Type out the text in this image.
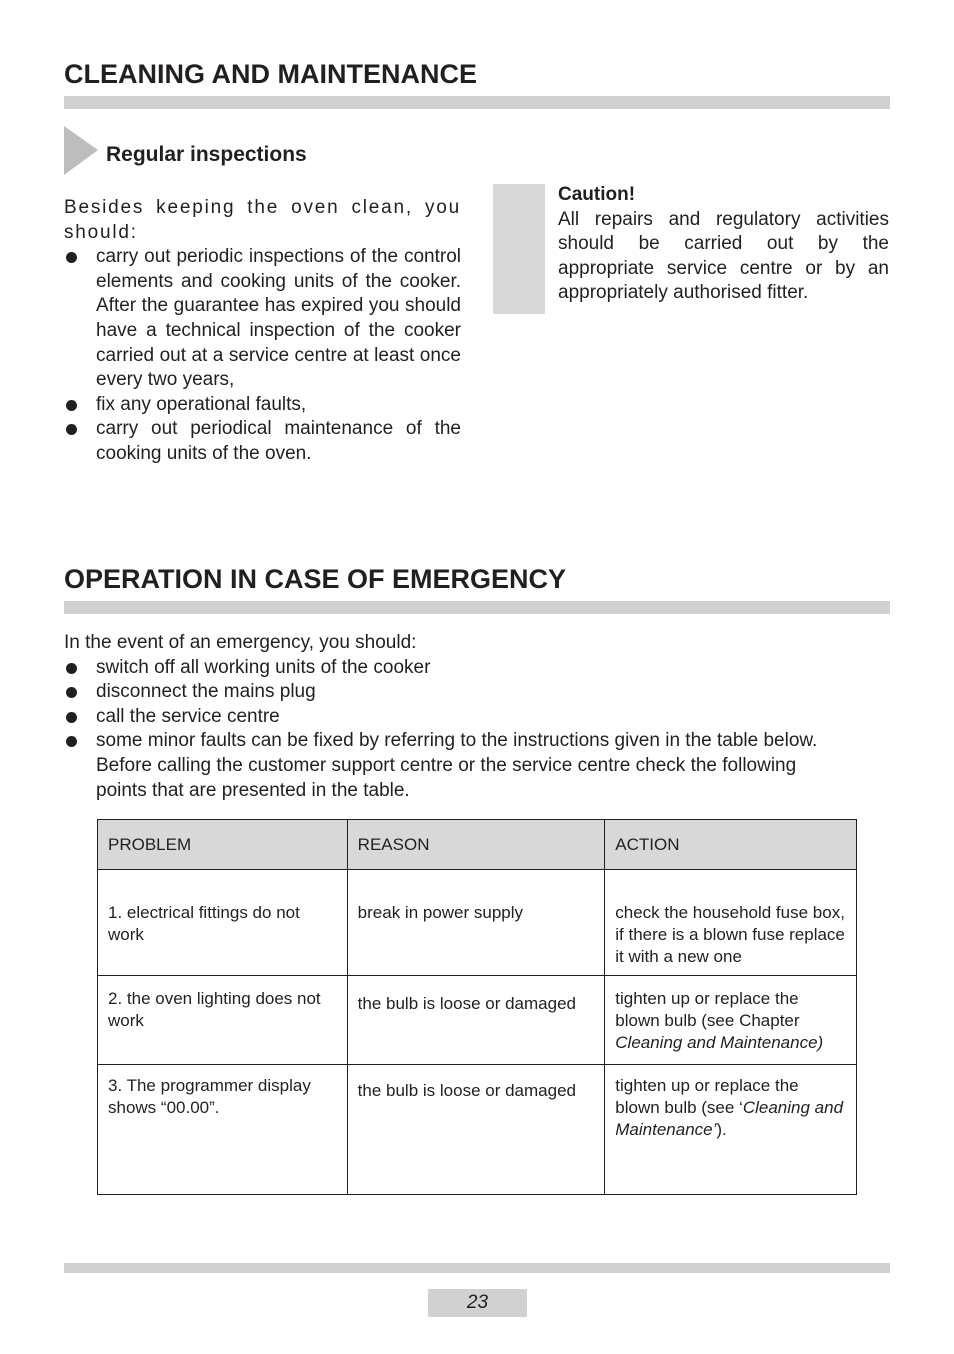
CLEANING AND MAINTENANCE
Regular inspections
Besides keeping the oven clean, you should:
carry out periodic inspections of the control elements and cooking units of the cooker. After the guarantee has expired you should have a technical inspection of the cooker carried out at a service centre at least once every two years,
fix any operational faults,
carry out periodical maintenance of the cooking units of the oven.
Caution!
All repairs and regulatory activities should be carried out by the appropriate service centre or by an appropriately authorised fitter.
OPERATION IN CASE OF EMERGENCY
In the event of an emergency, you should:
switch off all working units of the cooker
disconnect the mains plug
call the service centre
some minor faults can be fixed by referring to the instructions given in the table below. Before calling the customer support centre or the service centre check the following points that are presented in the table.
PROBLEM	REASON	ACTION
1. electrical fittings do not work	break in power supply	check the household fuse box, if there is a blown fuse replace it with a new one
2. the oven lighting does not work	the bulb is loose or damaged	tighten up or replace the blown bulb (see Chapter Cleaning and Maintenance)
3. The programmer display shows “00.00”.	the bulb is loose or damaged	tighten up or replace the blown bulb (see ‘Cleaning and Maintenance’).
23
